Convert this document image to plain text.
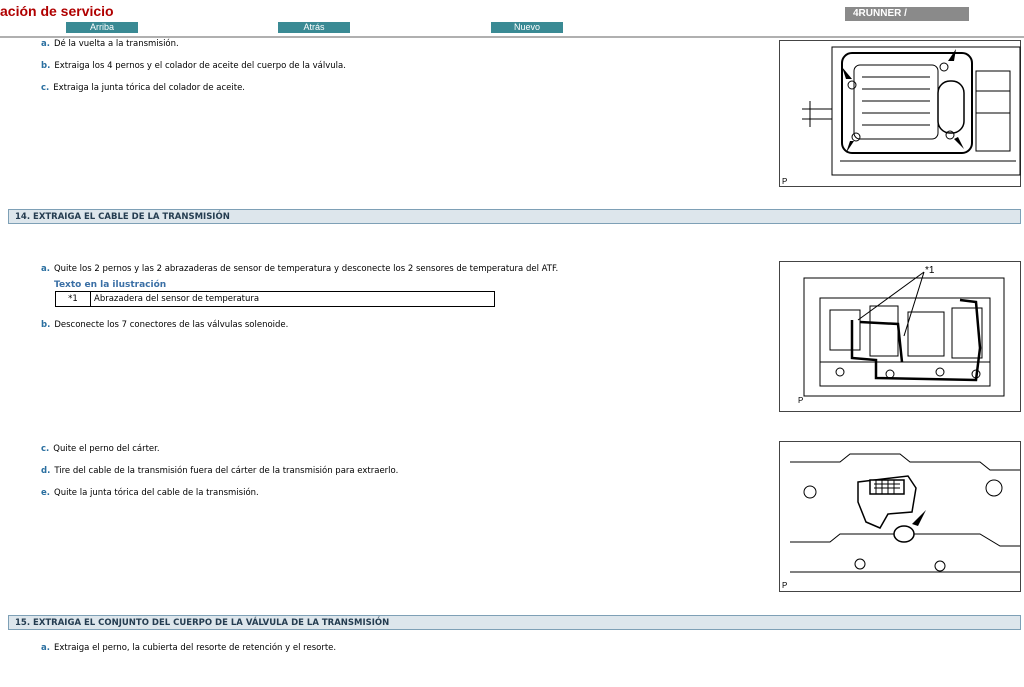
ación de servicio
Arriba	Atrás	Nuevo
4RUNNER /
a. Dé la vuelta a la transmisión.
b. Extraiga los 4 pernos y el colador de aceite del cuerpo de la válvula.
c. Extraiga la junta tórica del colador de aceite.
P
14. EXTRAIGA EL CABLE DE LA TRANSMISIÓN
a. Quite los 2 pernos y las 2 abrazaderas de sensor de temperatura y desconecte los 2 sensores de temperatura del ATF.
Texto en la ilustración
*1	Abrazadera del sensor de temperatura
b. Desconecte los 7 conectores de las válvulas solenoide.
*1
P
c. Quite el perno del cárter.
d. Tire del cable de la transmisión fuera del cárter de la transmisión para extraerlo.
e. Quite la junta tórica del cable de la transmisión.
P
15. EXTRAIGA EL CONJUNTO DEL CUERPO DE LA VÁLVULA DE LA TRANSMISIÓN
a. Extraiga el perno, la cubierta del resorte de retención y el resorte.
